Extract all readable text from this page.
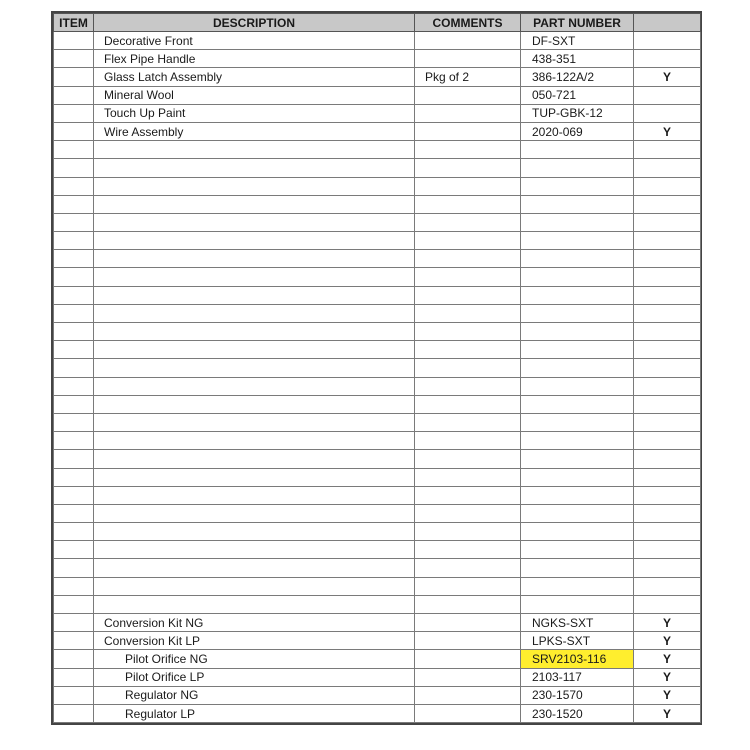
ITEM	DESCRIPTION	COMMENTS	PART NUMBER	
	Decorative Front		DF-SXT	
	Flex Pipe Handle		438-351	
	Glass Latch Assembly	Pkg of 2	386-122A/2	Y
	Mineral Wool		050-721	
	Touch Up Paint		TUP-GBK-12	
	Wire Assembly		2020-069	Y

	Conversion Kit NG		NGKS-SXT	Y
	Conversion Kit LP		LPKS-SXT	Y
	Pilot Orifice NG		SRV2103-116	Y
	Pilot Orifice LP		2103-117	Y
	Regulator NG		230-1570	Y
	Regulator LP		230-1520	Y
